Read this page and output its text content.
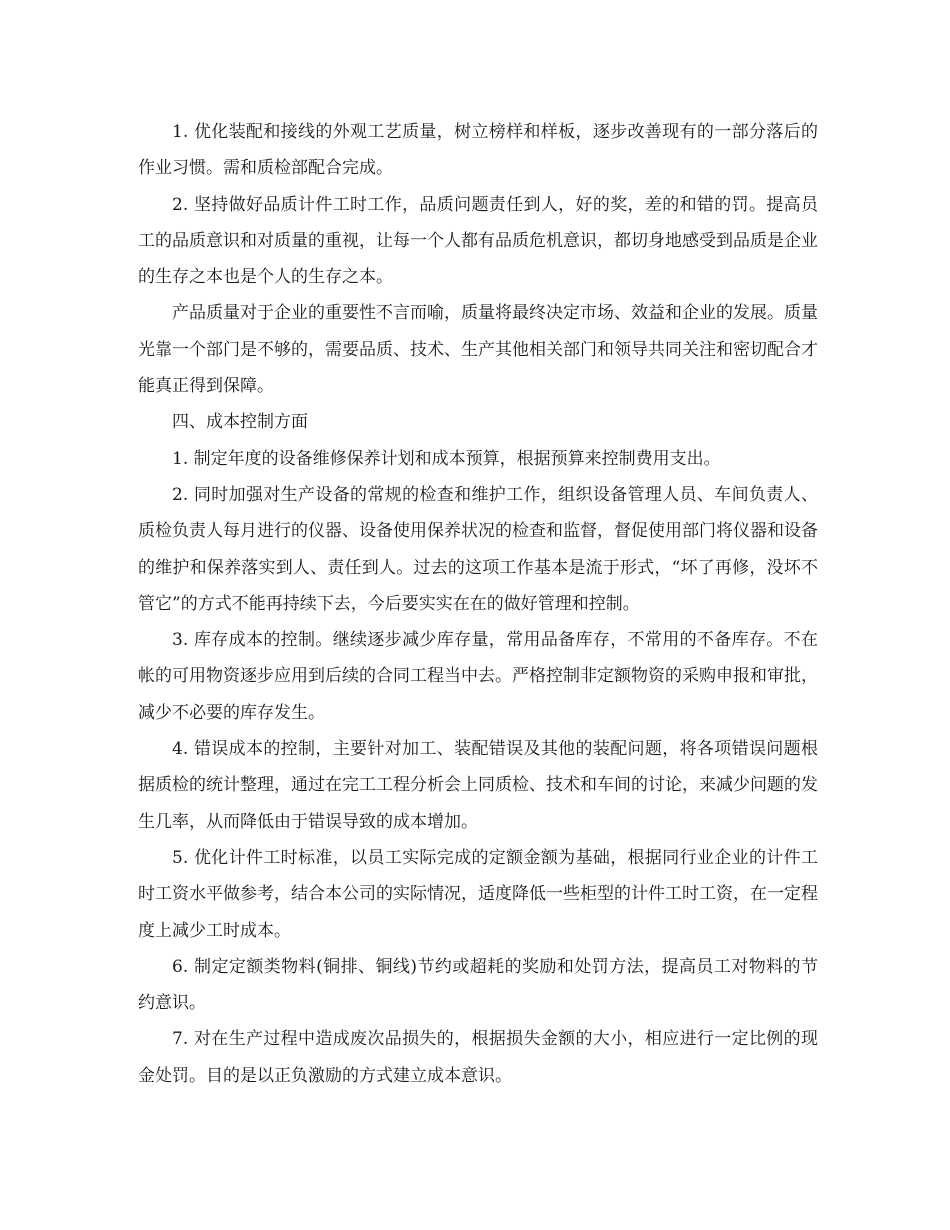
1. 优化装配和接线的外观工艺质量，树立榜样和样板，逐步改善现有的一部分落后的作业习惯。需和质检部配合完成。

2. 坚持做好品质计件工时工作，品质问题责任到人，好的奖，差的和错的罚。提高员工的品质意识和对质量的重视，让每一个人都有品质危机意识，都切身地感受到品质是企业的生存之本也是个人的生存之本。

产品质量对于企业的重要性不言而喻，质量将最终决定市场、效益和企业的发展。质量光靠一个部门是不够的，需要品质、技术、生产其他相关部门和领导共同关注和密切配合才能真正得到保障。

四、成本控制方面

1. 制定年度的设备维修保养计划和成本预算，根据预算来控制费用支出。

2. 同时加强对生产设备的常规的检查和维护工作，组织设备管理人员、车间负责人、质检负责人每月进行的仪器、设备使用保养状况的检查和监督，督促使用部门将仪器和设备的维护和保养落实到人、责任到人。过去的这项工作基本是流于形式，“坏了再修，没坏不管它”的方式不能再持续下去，今后要实实在在的做好管理和控制。

3. 库存成本的控制。继续逐步减少库存量，常用品备库存，不常用的不备库存。不在帐的可用物资逐步应用到后续的合同工程当中去。严格控制非定额物资的采购申报和审批，减少不必要的库存发生。

4. 错误成本的控制，主要针对加工、装配错误及其他的装配问题，将各项错误问题根据质检的统计整理，通过在完工工程分析会上同质检、技术和车间的讨论，来减少问题的发生几率，从而降低由于错误导致的成本增加。

5. 优化计件工时标准，以员工实际完成的定额金额为基础，根据同行业企业的计件工时工资水平做参考，结合本公司的实际情况，适度降低一些柜型的计件工时工资，在一定程度上减少工时成本。

6. 制定定额类物料(铜排、铜线)节约或超耗的奖励和处罚方法，提高员工对物料的节约意识。

7. 对在生产过程中造成废次品损失的，根据损失金额的大小，相应进行一定比例的现金处罚。目的是以正负激励的方式建立成本意识。
